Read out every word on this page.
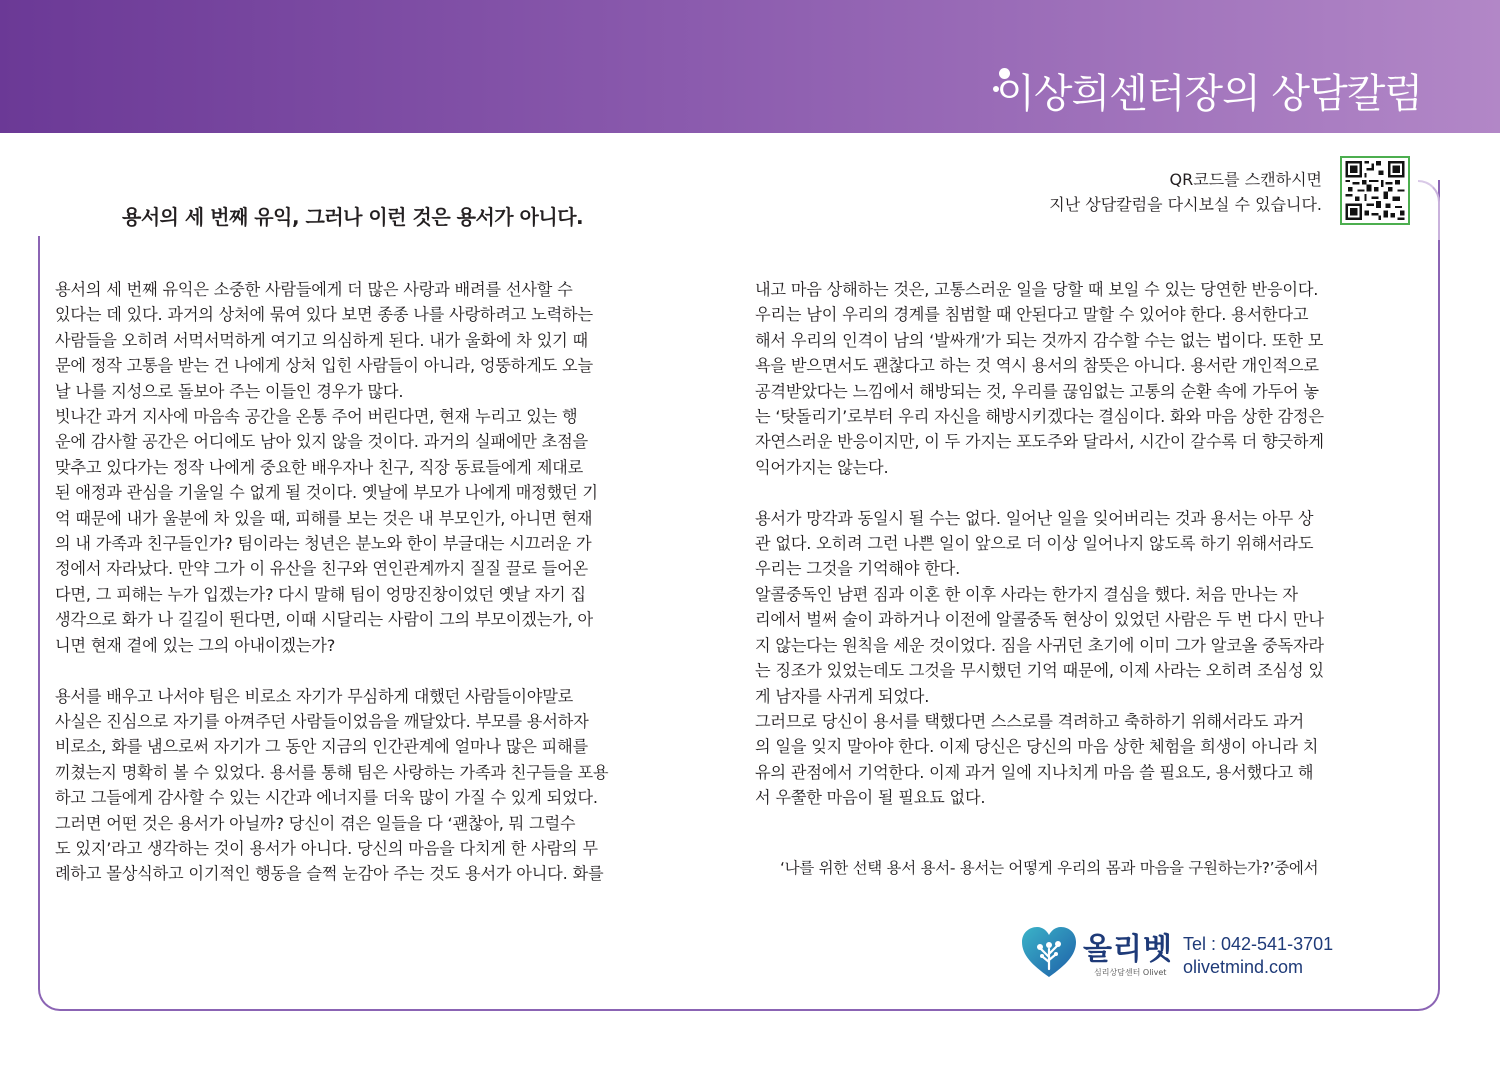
이상희센터장의 상담칼럼
용서의 세 번째 유익, 그러나 이런 것은 용서가 아니다.
QR코드를 스캔하시면
지난 상담칼럼을 다시보실 수 있습니다.
용서의 세 번째 유익은 소중한 사람들에게 더 많은 사랑과 배려를 선사할 수
있다는 데 있다. 과거의 상처에 묶여 있다 보면 종종 나를 사랑하려고 노력하는
사람들을 오히려 서먹서먹하게 여기고 의심하게 된다. 내가 울화에 차 있기 때
문에 정작 고통을 받는 건 나에게 상처 입힌 사람들이 아니라, 엉뚱하게도 오늘
날 나를 지성으로 돌보아 주는 이들인 경우가 많다.
빗나간 과거 지사에 마음속 공간을 온통 주어 버린다면, 현재 누리고 있는 행
운에 감사할 공간은 어디에도 남아 있지 않을 것이다. 과거의 실패에만 초점을
맞추고 있다가는 정작 나에게 중요한 배우자나 친구, 직장 동료들에게 제대로
된 애정과 관심을 기울일 수 없게 될 것이다. 옛날에 부모가 나에게 매정했던 기
억 때문에 내가 울분에 차 있을 때, 피해를 보는 것은 내 부모인가, 아니면 현재
의 내 가족과 친구들인가? 팀이라는 청년은 분노와 한이 부글대는 시끄러운 가
정에서 자라났다. 만약 그가 이 유산을 친구와 연인관계까지 질질 끌로 들어온
다면, 그 피해는 누가 입겠는가? 다시 말해 팀이 엉망진창이었던 옛날 자기 집
생각으로 화가 나 길길이 뛴다면, 이때 시달리는 사람이 그의 부모이겠는가, 아
니면 현재 곁에 있는 그의 아내이겠는가?

용서를 배우고 나서야 팀은 비로소 자기가 무심하게 대했던 사람들이야말로
사실은 진심으로 자기를 아껴주던 사람들이었음을 깨달았다. 부모를 용서하자
비로소, 화를 냄으로써 자기가 그 동안 지금의 인간관계에 얼마나 많은 피해를
끼쳤는지 명확히 볼 수 있었다. 용서를 통해 팀은 사랑하는 가족과 친구들을 포용
하고 그들에게 감사할 수 있는 시간과 에너지를 더욱 많이 가질 수 있게 되었다.
그러면 어떤 것은 용서가 아닐까? 당신이 겪은 일들을 다 ‘괜찮아, 뭐 그럴수
도 있지’라고 생각하는 것이 용서가 아니다. 당신의 마음을 다치게 한 사람의 무
례하고 몰상식하고 이기적인 행동을 슬쩍 눈감아 주는 것도 용서가 아니다. 화를
내고 마음 상해하는 것은, 고통스러운 일을 당할 때 보일 수 있는 당연한 반응이다.
우리는 남이 우리의 경계를 침범할 때 안된다고 말할 수 있어야 한다. 용서한다고
해서 우리의 인격이 남의 ‘발싸개’가 되는 것까지 감수할 수는 없는 법이다. 또한 모
욕을 받으면서도 괜찮다고 하는 것 역시 용서의 참뜻은 아니다. 용서란 개인적으로
공격받았다는 느낌에서 해방되는 것, 우리를 끊임없는 고통의 순환 속에 가두어 놓
는 ‘탓돌리기’로부터 우리 자신을 해방시키겠다는 결심이다. 화와 마음 상한 감정은
자연스러운 반응이지만, 이 두 가지는 포도주와 달라서, 시간이 갈수록 더 향긋하게
익어가지는 않는다.

용서가 망각과 동일시 될 수는 없다. 일어난 일을 잊어버리는 것과 용서는 아무 상
관 없다. 오히려 그런 나쁜 일이 앞으로 더 이상 일어나지 않도록 하기 위해서라도
우리는 그것을 기억해야 한다.
알콜중독인 남편 짐과 이혼 한 이후 사라는 한가지 결심을 했다. 처음 만나는 자
리에서 벌써 술이 과하거나 이전에 알콜중독 현상이 있었던 사람은 두 번 다시 만나
지 않는다는 원칙을 세운 것이었다. 짐을 사귀던 초기에 이미 그가 알코올 중독자라
는 징조가 있었는데도 그것을 무시했던 기억 때문에, 이제 사라는 오히려 조심성 있
게 남자를 사귀게 되었다.
그러므로 당신이 용서를 택했다면 스스로를 격려하고 축하하기 위해서라도 과거
의 일을 잊지 말아야 한다. 이제 당신은 당신의 마음 상한 체험을 희생이 아니라 치
유의 관점에서 기억한다. 이제 과거 일에 지나치게 마음 쓸 필요도, 용서했다고 해
서 우쭐한 마음이 될 필요됴 없다.
‘나를 위한 선택 용서 용서- 용서는 어떻게 우리의 몸과 마음을 구원하는가?’중에서
올리벳
심리상담센터 Olivet
Tel : 042-541-3701
olivetmind.com
